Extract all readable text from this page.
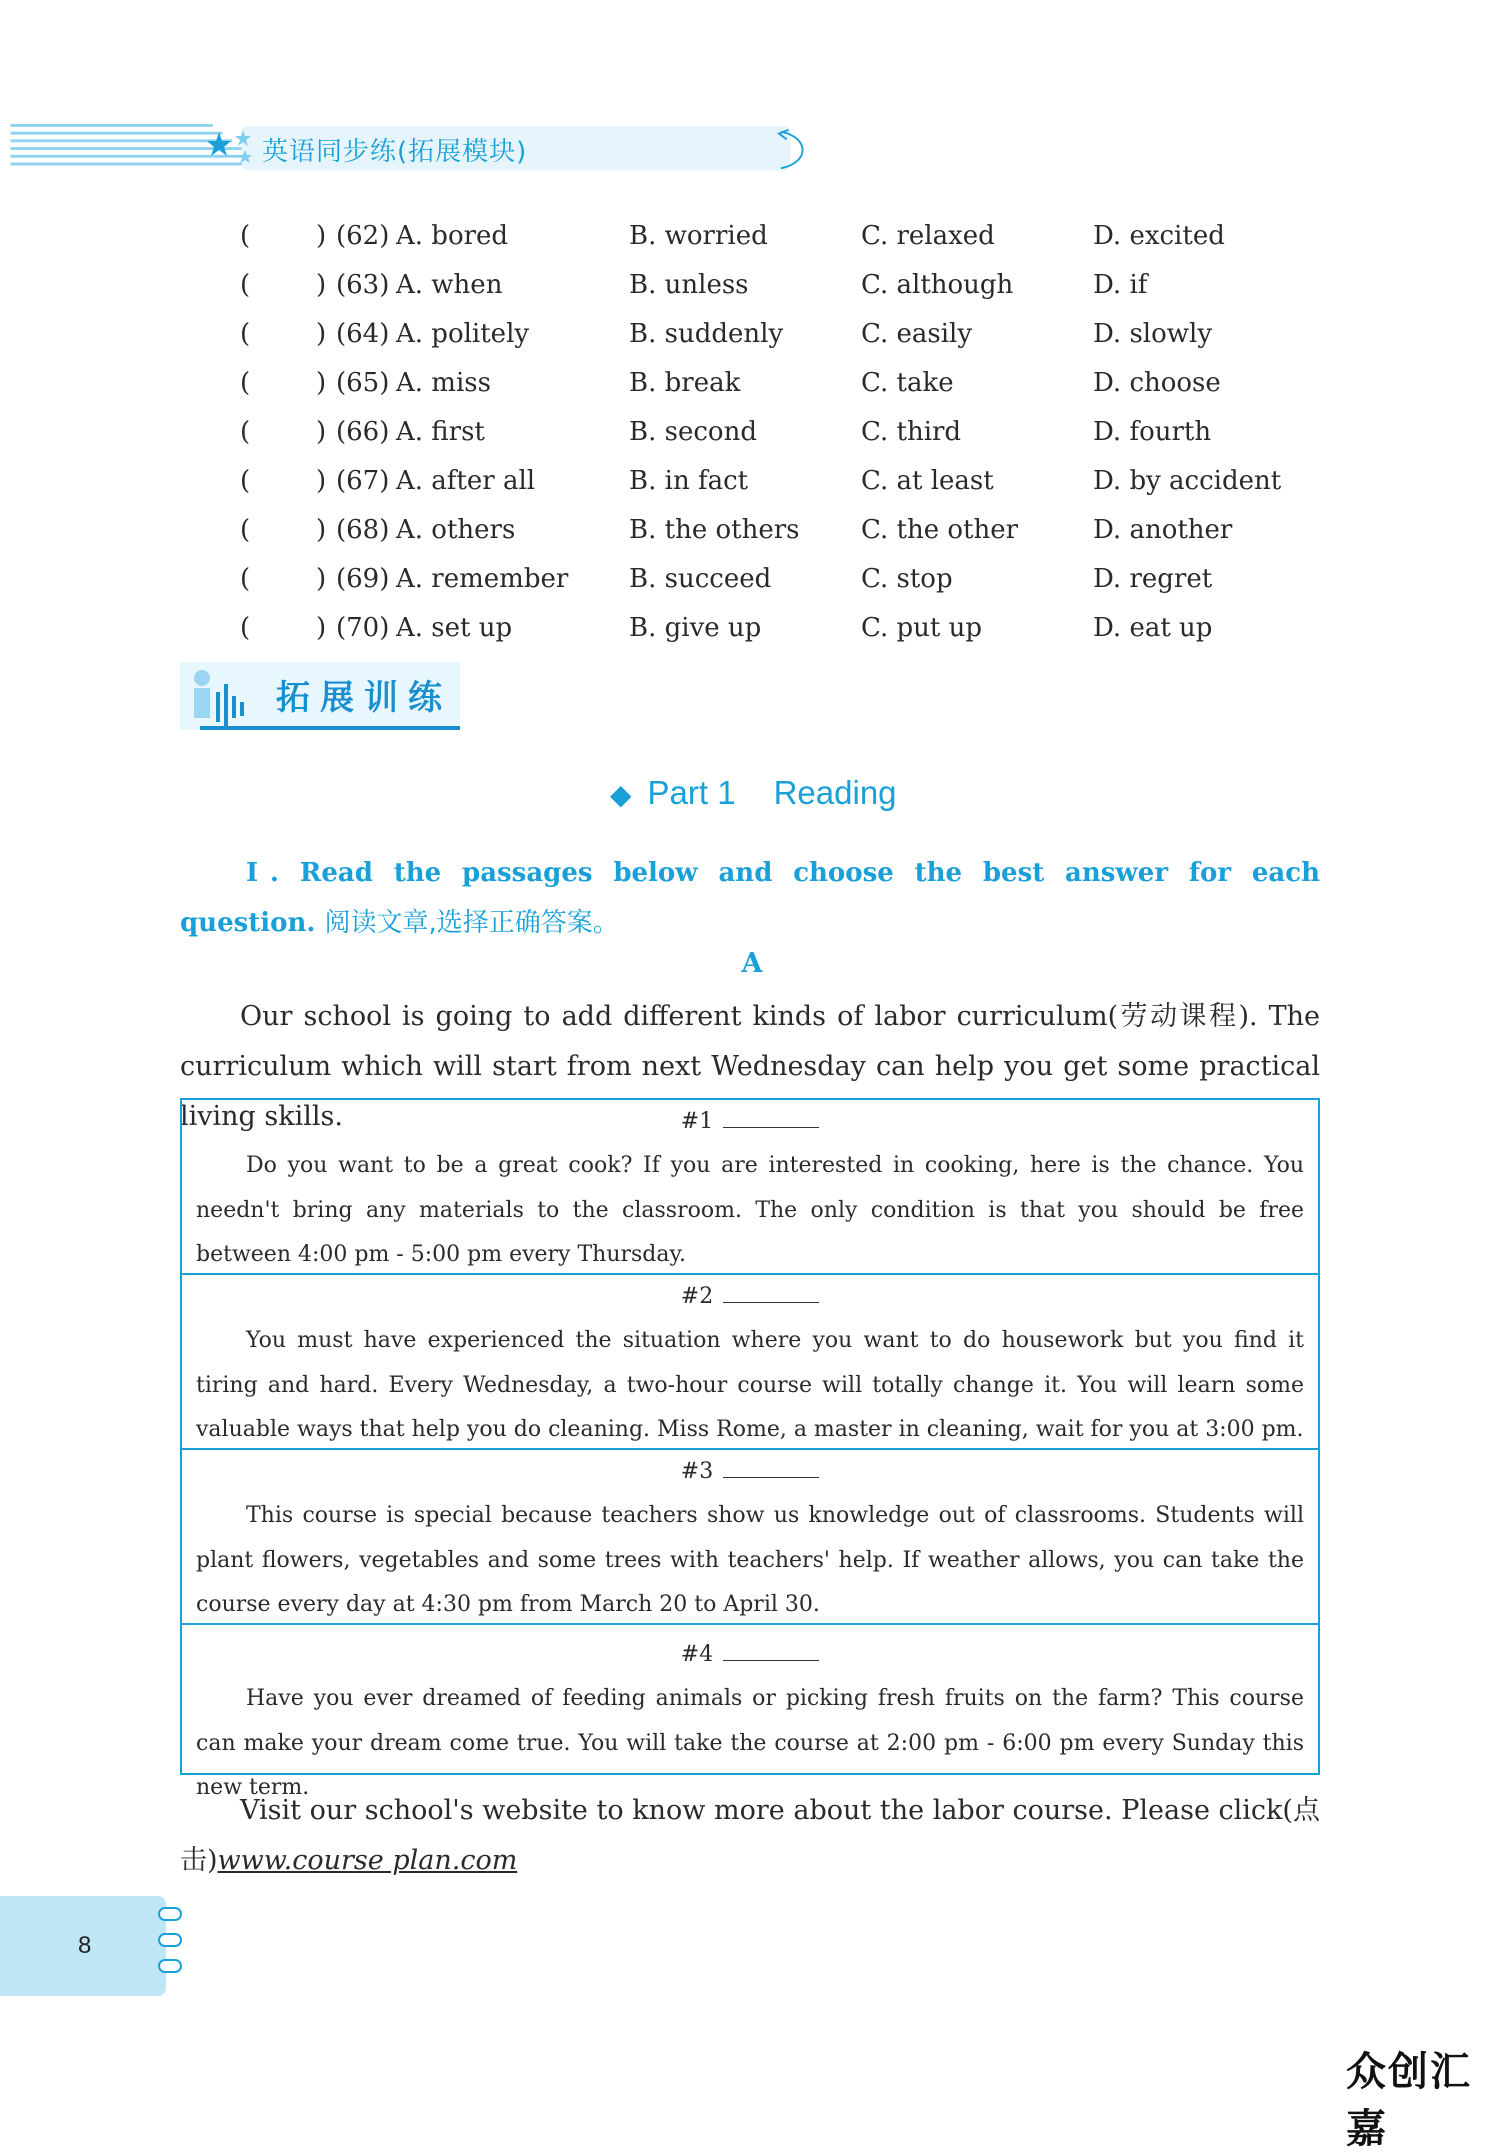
英语同步练(拓展模块)
(	) (62) A. bored	B. worried	C. relaxed	D. excited
(	) (63) A. when	B. unless	C. although	D. if
(	) (64) A. politely	B. suddenly	C. easily	D. slowly
(	) (65) A. miss	B. break	C. take	D. choose
(	) (66) A. first	B. second	C. third	D. fourth
(	) (67) A. after all	B. in fact	C. at least	D. by accident
(	) (68) A. others	B. the others C. the other	D. another
(	) (69) A. remember B. succeed	C. stop	D. regret
(	) (70) A. set up	B. give up	C. put up	D. eat up
拓展训练
◆ Part 1 Reading
Ⅰ. Read the passages below and choose the best answer for each question. 阅读文章,选择正确答案。
A
Our school is going to add different kinds of labor curriculum(劳动课程). The curriculum which will start from next Wednesday can help you get some practical living skills.	#1
Do you want to be a great cook? If you are interested in cooking, here is the chance. You needn't bring any materials to the classroom. The only condition is that you should be free between 4:00 pm - 5:00 pm every Thursday.
#2
You must have experienced the situation where you want to do housework but you find it tiring and hard. Every Wednesday, a two-hour course will totally change it. You will learn some valuable ways that help you do cleaning. Miss Rome, a master in cleaning, wait for you at 3:00 pm.
#3
This course is special because teachers show us knowledge out of classrooms. Students will plant flowers, vegetables and some trees with teachers' help. If weather allows, you can take the course every day at 4:30 pm from March 20 to April 30.
#4
Have you ever dreamed of feeding animals or picking fresh fruits on the farm? This course can make your dream come true. You will take the course at 2:00 pm - 6:00 pm every Sunday this new term.
Visit our school's website to know more about the labor course. Please click(点击)www.course plan.com
8
众创汇嘉
